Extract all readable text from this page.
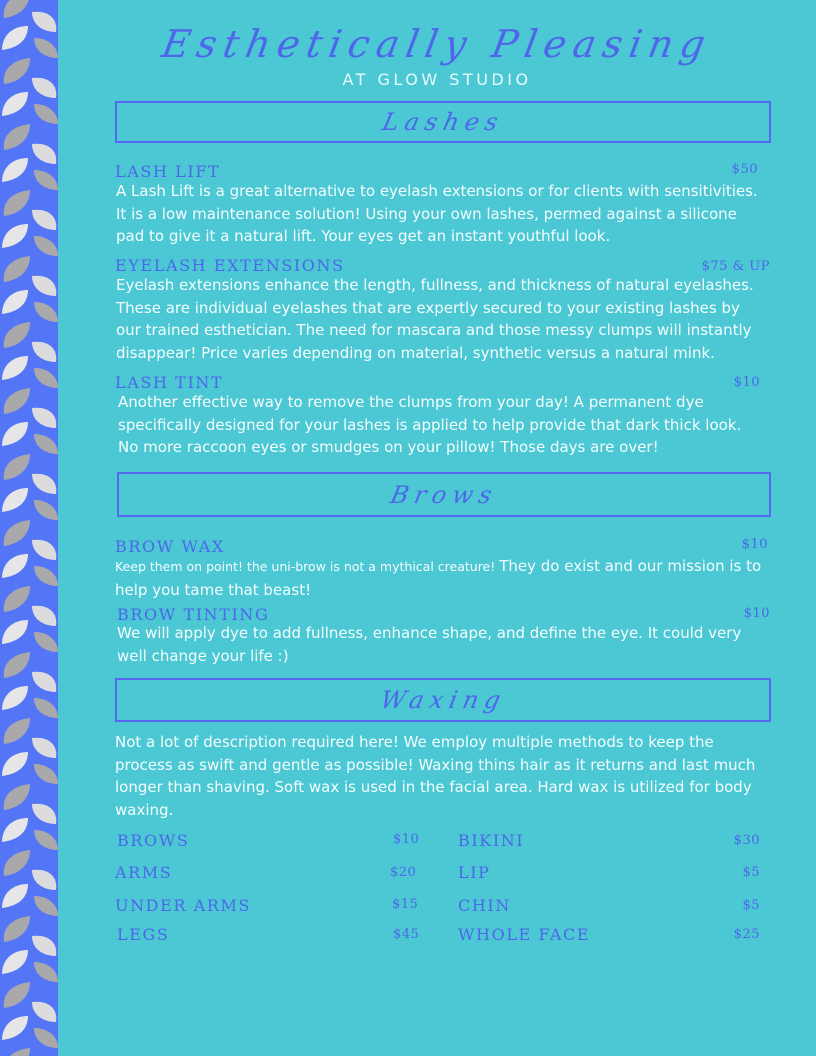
Esthetically Pleasing
AT GLOW STUDIO
Lashes
LASH LIFT	$50
A Lash Lift is a great alternative to eyelash extensions or for clients with sensitivities. It is a low maintenance solution! Using your own lashes, permed against a silicone pad to give it a natural lift. Your eyes get an instant youthful look.
EYELASH EXTENSIONS	$75 & UP
Eyelash extensions enhance the length, fullness, and thickness of natural eyelashes. These are individual eyelashes that are expertly secured to your existing lashes by our trained esthetician. The need for mascara and those messy clumps will instantly disappear! Price varies depending on material, synthetic versus a natural mink.
LASH TINT	$10
Another effective way to remove the clumps from your day! A permanent dye specifically designed for your lashes is applied to help provide that dark thick look. No more raccoon eyes or smudges on your pillow! Those days are over!
Brows
BROW WAX	$10
Keep them on point! the uni-brow is not a mythical creature! They do exist and our mission is to help you tame that beast!
BROW TINTING	$10
We will apply dye to add fullness, enhance shape, and define the eye. It could very well change your life :)
Waxing
Not a lot of description required here! We employ multiple methods to keep the process as swift and gentle as possible! Waxing thins hair as it returns and last much longer than shaving. Soft wax is used in the facial area. Hard wax is utilized for body waxing.
BROWS	$10
ARMS	$20
UNDER ARMS	$15
LEGS	$45
BIKINI	$30
LIP	$5
CHIN	$5
WHOLE FACE	$25
